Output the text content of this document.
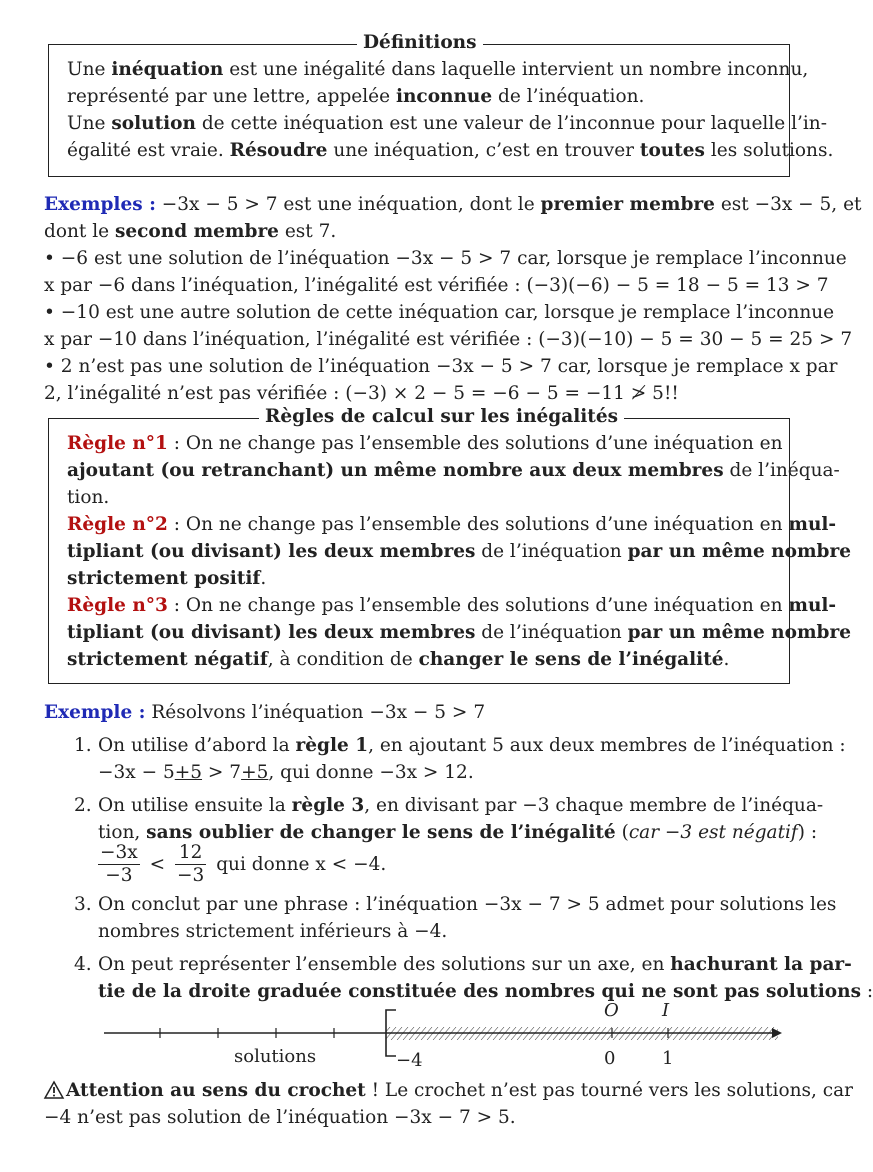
Définitions
Une inéquation est une inégalité dans laquelle intervient un nombre inconnu,
représenté par une lettre, appelée inconnue de l’inéquation.
Une solution de cette inéquation est une valeur de l’inconnue pour laquelle l’in-
égalité est vraie. Résoudre une inéquation, c’est en trouver toutes les solutions.
Exemples : −3x − 5 > 7 est une inéquation, dont le premier membre est −3x − 5, et
dont le second membre est 7.
• −6 est une solution de l’inéquation −3x − 5 > 7 car, lorsque je remplace l’inconnue
x par −6 dans l’inéquation, l’inégalité est vérifiée : (−3)(−6) − 5 = 18 − 5 = 13 > 7
• −10 est une autre solution de cette inéquation car, lorsque je remplace l’inconnue
x par −10 dans l’inéquation, l’inégalité est vérifiée : (−3)(−10) − 5 = 30 − 5 = 25 > 7
• 2 n’est pas une solution de l’inéquation −3x − 5 > 7 car, lorsque je remplace x par
2, l’inégalité n’est pas vérifiée : (−3) × 2 − 5 = −6 − 5 = −11 ≯ 5!!
Règles de calcul sur les inégalités
Règle n°1 : On ne change pas l’ensemble des solutions d’une inéquation en
ajoutant (ou retranchant) un même nombre aux deux membres de l’inéqua-
tion.
Règle n°2 : On ne change pas l’ensemble des solutions d’une inéquation en mul-
tipliant (ou divisant) les deux membres de l’inéquation par un même nombre
strictement positif.
Règle n°3 : On ne change pas l’ensemble des solutions d’une inéquation en mul-
tipliant (ou divisant) les deux membres de l’inéquation par un même nombre
strictement négatif, à condition de changer le sens de l’inégalité.
Exemple : Résolvons l’inéquation −3x − 5 > 7
1. On utilise d’abord la règle 1, en ajoutant 5 aux deux membres de l’inéquation :
−3x − 5+5 > 7+5, qui donne −3x > 12.
2. On utilise ensuite la règle 3, en divisant par −3 chaque membre de l’inéqua-
tion, sans oublier de changer le sens de l’inégalité (car −3 est négatif) :
$\frac{-3x}{-3} < \frac{12}{-3}$ qui donne x < −4.
3. On conclut par une phrase : l’inéquation −3x − 7 > 5 admet pour solutions les
nombres strictement inférieurs à −4.
4. On peut représenter l’ensemble des solutions sur un axe, en hachurant la par-
tie de la droite graduée constituée des nombres qui ne sont pas solutions :
O I
solutions	−4	0	1
Attention au sens du crochet ! Le crochet n’est pas tourné vers les solutions, car
−4 n’est pas solution de l’inéquation −3x − 7 > 5.
